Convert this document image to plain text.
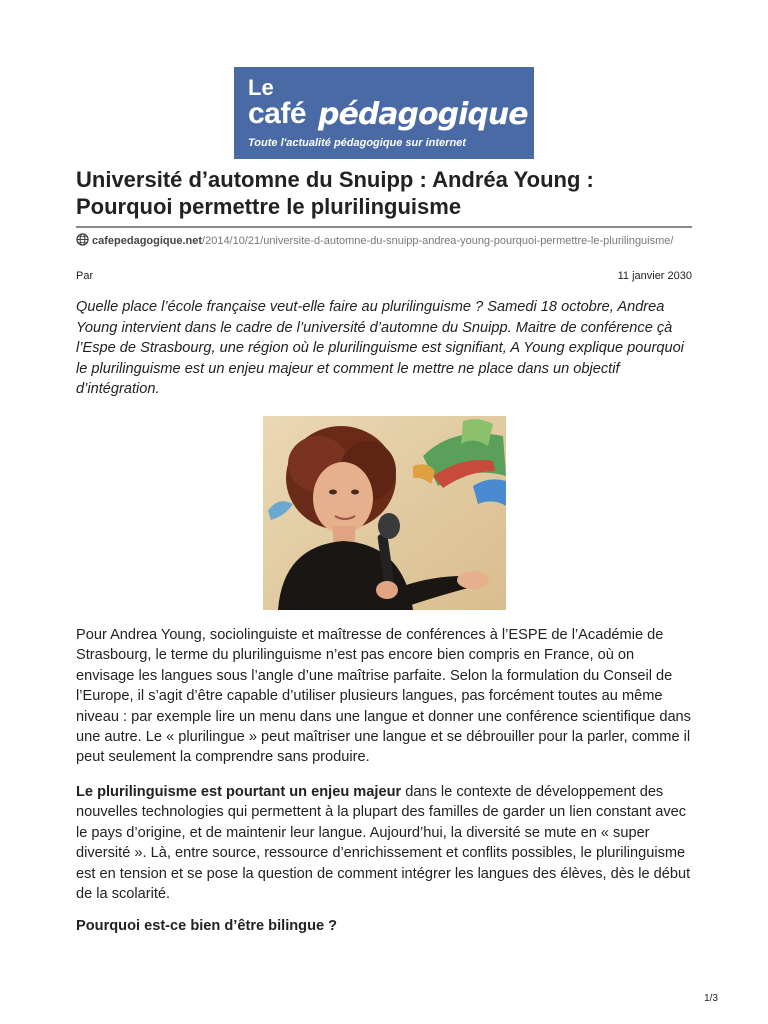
Le
café pédagogique
Toute l'actualité pédagogique sur internet
Université d’automne du Snuipp : Andréa Young : Pourquoi permettre le plurilinguisme
cafepedagogique.net/2014/10/21/universite-d-automne-du-snuipp-andrea-young-pourquoi-permettre-le-plurilinguisme/
Par	11 janvier 2030

Quelle place l’école française veut-elle faire au plurilinguisme ? Samedi 18 octobre, Andrea Young intervient dans le cadre de l’université d’automne du Snuipp. Maitre de conférence çà l’Espe de Strasbourg, une région où le plurilinguisme est signifiant, A Young explique pourquoi le plurilinguisme est un enjeu majeur et comment le mettre ne place dans un objectif d’intégration.

Pour Andrea Young, sociolinguiste et maîtresse de conférences à l’ESPE de l’Académie de Strasbourg, le terme du plurilinguisme n’est pas encore bien compris en France, où on envisage les langues sous l’angle d’une maîtrise parfaite. Selon la formulation du Conseil de l’Europe, il s’agit d’être capable d’utiliser plusieurs langues, pas forcément toutes au même niveau : par exemple lire un menu dans une langue et donner une conférence scientifique dans une autre. Le « plurilingue » peut maîtriser une langue et se débrouiller pour la parler, comme il peut seulement la comprendre sans produire.

Le plurilinguisme est pourtant un enjeu majeur dans le contexte de développement des nouvelles technologies qui permettent à la plupart des familles de garder un lien constant avec le pays d’origine, et de maintenir leur langue. Aujourd’hui, la diversité se mute en « super diversité ». Là, entre source, ressource d’enrichissement et conflits possibles, le plurilinguisme est en tension et se pose la question de comment intégrer les langues des élèves, dès le début de la scolarité.

Pourquoi est-ce bien d’être bilingue ?
1/3
